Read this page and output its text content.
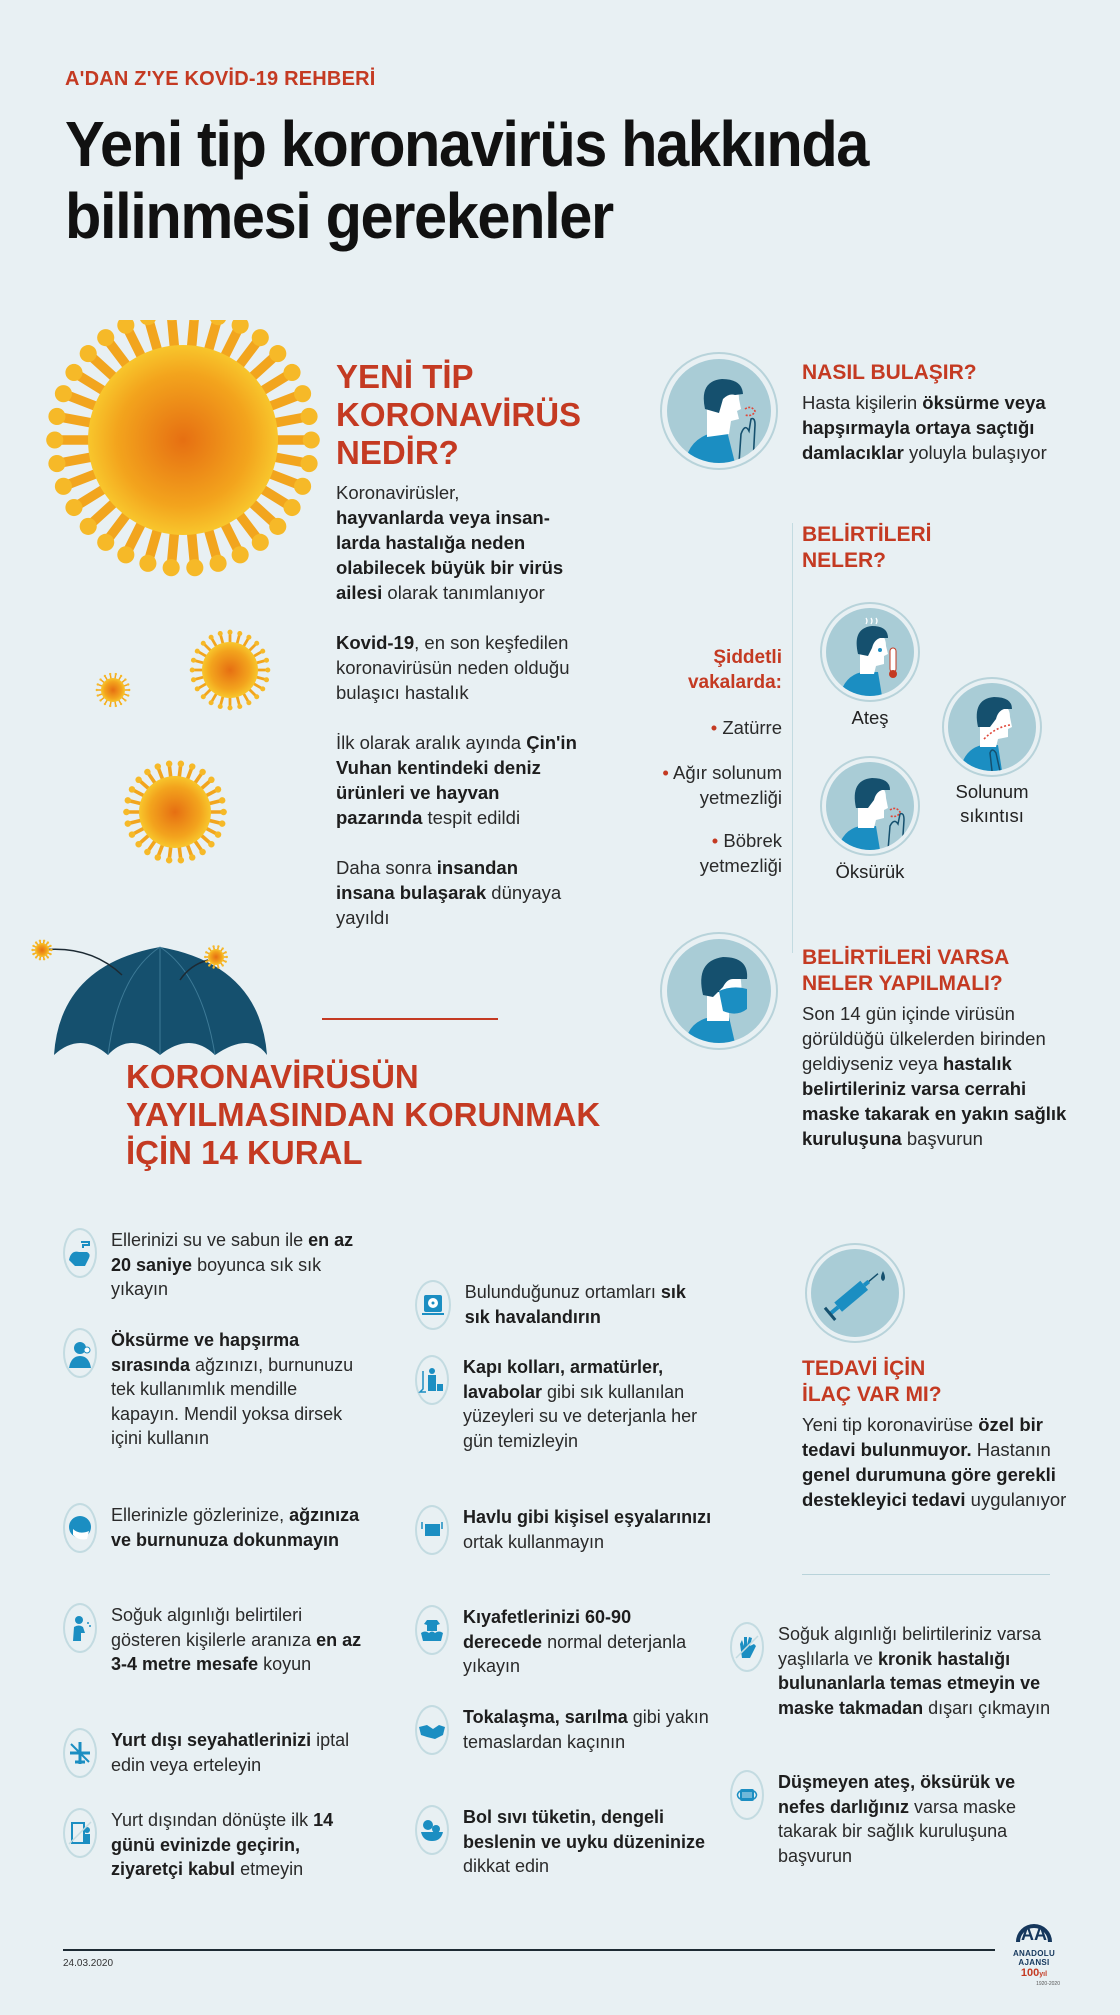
A'DAN Z'YE KOVİD-19 REHBERİ
Yeni tip koronavirüs hakkında
bilinmesi gerekenler
YENİ TİP
KORONAVİRÜS
NEDİR?
Koronavirüsler,
hayvanlarda veya insan-larda hastalığa neden olabilecek büyük bir virüs ailesi olarak tanımlanıyor
Kovid-19, en son keşfedilen koronavirüsün neden olduğu bulaşıcı hastalık
İlk olarak aralık ayında Çin'in Vuhan kentindeki deniz ürünleri ve hayvan pazarında tespit edildi
Daha sonra insandan insana bulaşarak dünyaya yayıldı
NASIL BULAŞIR?
Hasta kişilerin öksürme veya hapşırmayla ortaya saçtığı damlacıklar yoluyla bulaşıyor
BELİRTİLERİ
NELER?
Şiddetli
vakalarda:
• Zatürre
• Ağır solunum yetmezliği
• Böbrek yetmezliği
Ateş
Solunum sıkıntısı
Öksürük
BELİRTİLERİ VARSA
NELER YAPILMALI?
Son 14 gün içinde virüsün görüldüğü ülkelerden birinden geldiyseniz veya hastalık belirtileriniz varsa cerrahi maske takarak en yakın sağlık kuruluşuna başvurun
KORONAVİRÜSÜN
YAYILMASINDAN KORUNMAK
İÇİN 14 KURAL
Ellerinizi su ve sabun ile en az 20 saniye boyunca sık sık yıkayın
Öksürme ve hapşırma sırasında ağzınızı, burnunuzu tek kullanımlık mendille kapayın. Mendil yoksa dirsek içini kullanın
Ellerinizle gözlerinize, ağzınıza ve burnunuza dokunmayın
Soğuk algınlığı belirtileri gösteren kişilerle aranıza en az 3-4 metre mesafe koyun
Yurt dışı seyahatlerinizi iptal edin veya erteleyin
Yurt dışından dönüşte ilk 14 günü evinizde geçirin, ziyaretçi kabul etmeyin
Bulunduğunuz ortamları sık sık havalandırın
Kapı kolları, armatürler, lavabolar gibi sık kullanılan yüzeyleri su ve deterjanla her gün temizleyin
Havlu gibi kişisel eşyalarınızı ortak kullanmayın
Kıyafetlerinizi 60-90 derecede normal deterjanla yıkayın
Tokalaşma, sarılma gibi yakın temaslardan kaçının
Bol sıvı tüketin, dengeli beslenin ve uyku düzeninize dikkat edin
TEDAVİ İÇİN
İLAÇ VAR MI?
Yeni tip koronavirüse özel bir tedavi bulunmuyor. Hastanın genel durumuna göre gerekli destekleyici tedavi uygulanıyor
Soğuk algınlığı belirtileriniz varsa yaşlılarla ve kronik hastalığı bulunanlarla temas etmeyin ve maske takmadan dışarı çıkmayın
Düşmeyen ateş, öksürük ve nefes darlığınız varsa maske takarak bir sağlık kuruluşuna başvurun
24.03.2020
AA
ANADOLU AJANSI
100yıl
1920-2020
